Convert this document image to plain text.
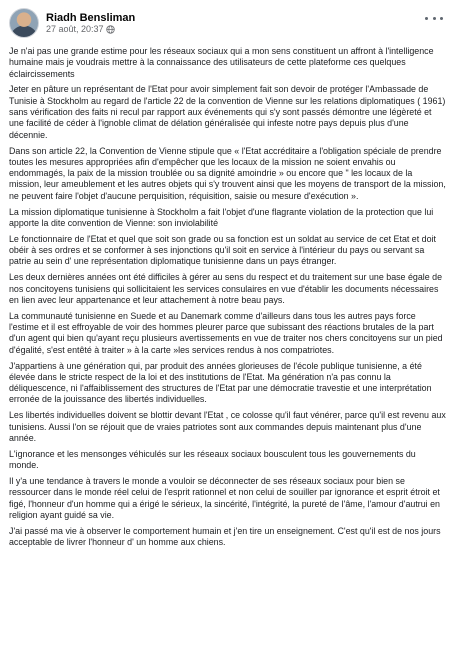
Riadh Bensliman
27 août, 20:37

Je n'ai pas une grande estime pour les réseaux sociaux qui a mon sens constituent un affront à l'intelligence humaine mais je voudrais mettre à la connaissance des utilisateurs de cette plateforme ces quelques éclaircissements

Jeter en pâture un représentant de l'Etat pour avoir simplement fait son devoir de protéger l'Ambassade de Tunisie à Stockholm au regard de l'article 22 de la convention de Vienne sur les relations diplomatiques ( 1961) sans vérification des faits ni recul par rapport aux événements qui s'y sont passés démontre une légèreté et une facilité de céder à l'ignoble climat de délation généralisée qui infeste notre pays depuis plus d'une décennie.

Dans son article 22, la Convention de Vienne stipule que « l'Etat accréditaire a l'obligation spéciale de prendre toutes les mesures appropriées afin d'empêcher que les locaux de la mission ne soient envahis ou endommagés, la paix de la mission troublée ou sa dignité amoindrie » ou encore que " les locaux de la mission, leur ameublement et les autres objets qui s'y trouvent ainsi que les moyens de transport de la mission, ne peuvent faire l'objet d'aucune perquisition, réquisition, saisie ou mesure d'exécution ».

La mission diplomatique tunisienne à Stockholm a fait l'objet d'une flagrante violation de la protection que lui apporte la dite convention de Vienne: son inviolabilité

Le fonctionnaire de l'Etat et quel que soit son grade ou sa fonction est un soldat au service de cet Etat et doit obéir à ses ordres et se conformer à ses injonctions qu'il soit en service à l'intérieur du pays ou servant sa patrie au sein d' une représentation diplomatique tunisienne dans un pays étranger.

Les deux dernières années ont été difficiles à gérer au sens du respect et du traitement sur une base égale de nos concitoyens tunisiens qui sollicitaient les services consulaires en vue d'établir les documents nécessaires en lien avec leur appartenance et leur attachement à notre beau pays.

La communauté tunisienne en Suede et au Danemark comme d'ailleurs dans tous les autres pays force l'estime et il est effroyable de voir des hommes pleurer parce que subissant des réactions brutales de la part d'un agent qui bien qu'ayant reçu plusieurs avertissements en vue de traiter nos chers concitoyens sur un pied d'égalité, s'est entêté à traiter » à la carte »les services rendus à nos compatriotes.

J'appartiens à une génération qui, par produit des années glorieuses de l'école publique tunisienne, a été élevée dans le stricte respect de la loi et des institutions de l'Etat. Ma génération n'a pas connu la déliquescence, ni l'affaiblissement des structures de l'Etat par une démocratie travestie et une interprétation erronée de la jouissance des libertés individuelles.

Les libertés individuelles doivent se blottir devant l'Etat , ce colosse qu'il faut vénérer, parce qu'il est revenu aux tunisiens. Aussi l'on se réjouit que de vraies patriotes sont aux commandes depuis maintenant plus d'une année.

L'ignorance et les mensonges véhiculés sur les réseaux sociaux bousculent tous les gouvernements du monde.

Il y'a une tendance à travers le monde a vouloir se déconnecter de ses réseaux sociaux pour bien se ressourcer dans le monde réel celui de l'esprit rationnel et non celui de souiller par ignorance et esprit étroit et figé, l'honneur d'un homme qui a érigé le sérieux, la sincérité, l'intégrité, la pureté de l'âme, l'amour d'autrui en religion ayant guidé sa vie.

J'ai passé ma vie à observer le comportement humain et j'en tire un enseignement. C'est qu'il est de nos jours acceptable de livrer l'honneur d' un homme aux chiens.
